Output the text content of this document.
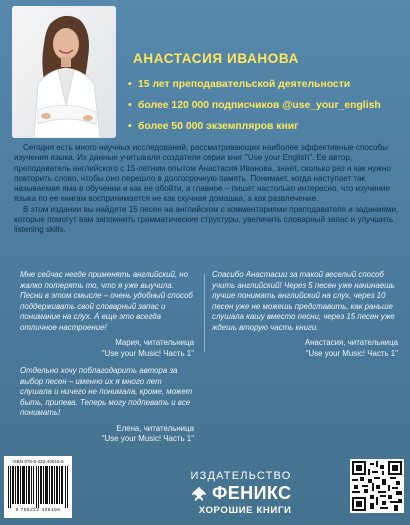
АНАСТАСИЯ ИВАНОВА
• 15 лет преподавательской деятельности
• более 120 000 подписчиков @use_your_english
• более 50 000 экземпляров книг

Сегодня есть много научных исследований, рассматривающих наиболее эффективные способы изучения языка. Их данные учитывали создатели серии книг "Use your English". Ее автор, преподаватель английского с 15-летним опытом Анастасия Иванова, знает, сколько раз и как нужно повторить слово, чтобы оно перешло в долгосрочную память. Понимает, когда наступает так называемая яма в обучении и как ее обойти, а главное – пишет настолько интересно, что изучение языка по ее книгам воспринимается не как скучная домашка, а как развлечение.

В этом издании вы найдете 15 песен на английском с комментариями преподавателя и заданиями, которые помогут вам запомнить грамматические структуры, увеличить словарный запас и улучшить listening skills.

Мне сейчас негде применять английский, но жалко потерять то, что я уже выучила. Песни в этом смысле – очень удобный способ поддерживать свой словарный запас и понимание на слух. А еще это всегда отличное настроение!
Мария, читательница
"Use your Music! Часть 1"
Спасибо Анастасии за такой веселый способ учить английский! Через 5 песен уже начинаешь лучше понимать английский на слух, через 10 песен уже не можешь представить, как раньше слушала кашу вместо песни, через 15 песен уже ждешь вторую часть книги.
Анастасия, читательница
"Use your Music! Часть 1"
Отдельно хочу поблагодарить автора за выбор песен – именно их я много лет слушала и ничего не понимала, кроме, может быть, припева. Теперь могу подпевать и все понимать!
Елена, читательница
"Use your Music! Часть 1"
ISBN 978-5-222-40615-5
9 785222 406155
ИЗДАТЕЛЬСТВО
ФЕНИКС
ХОРОШИЕ КНИГИ
